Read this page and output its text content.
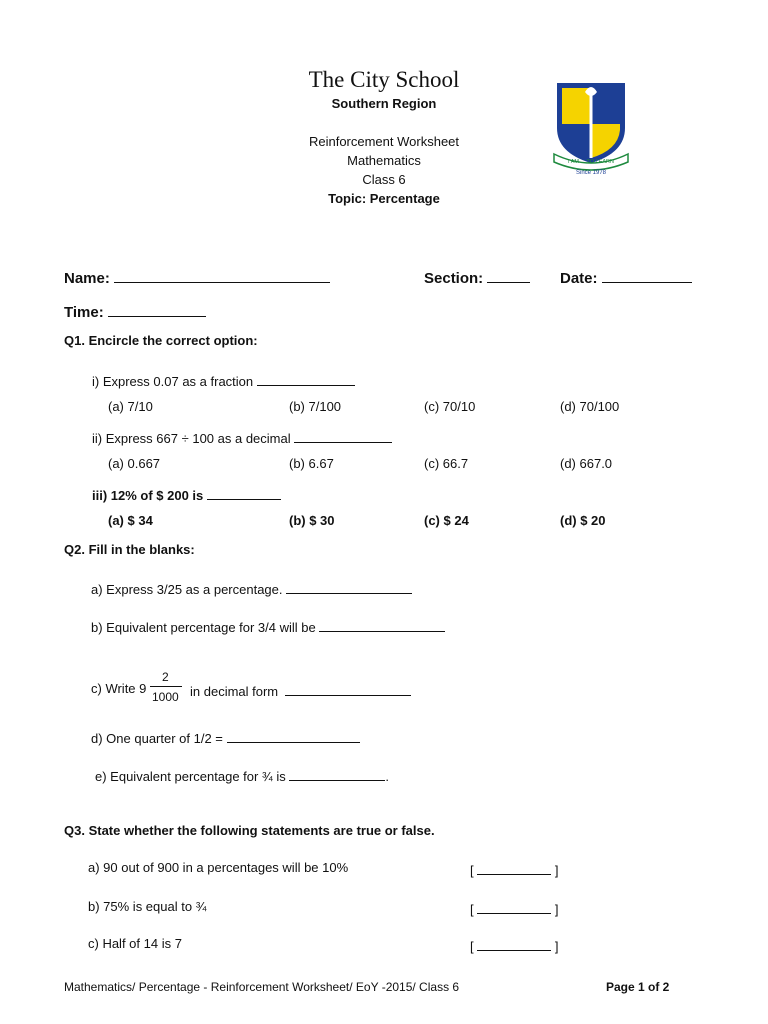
The City School
Southern Region
Reinforcement Worksheet
Mathematics
Class 6
Topic: Percentage
I AM . . TO LEARN
Since 1978
Name:	Section:	Date:
Time:
Q1. Encircle the correct option:
i) Express 0.07 as a fraction
(a) 7/10	(b) 7/100	(c) 70/10	(d) 70/100
ii) Express 667 ÷ 100 as a decimal
(a) 0.667	(b) 6.67	(c) 66.7	(d) 667.0
iii) 12% of $ 200 is
(a) $ 34	(b) $ 30	(c) $ 24	(d) $ 20
Q2. Fill in the blanks:
a) Express 3/25 as a percentage.
b) Equivalent percentage for 3/4 will be
c) Write 9
2
1000 in decimal form
d) One quarter of 1/2 =
e) Equivalent percentage for ¾ is	.
Q3. State whether the following statements are true or false.
a) 90 out of 900 in a percentages will be 10%	[	]
b) 75% is equal to ¾	[	]
c) Half of 14 is 7	[	]
Mathematics/ Percentage - Reinforcement Worksheet/ EoY -2015/ Class 6	Page 1 of 2
